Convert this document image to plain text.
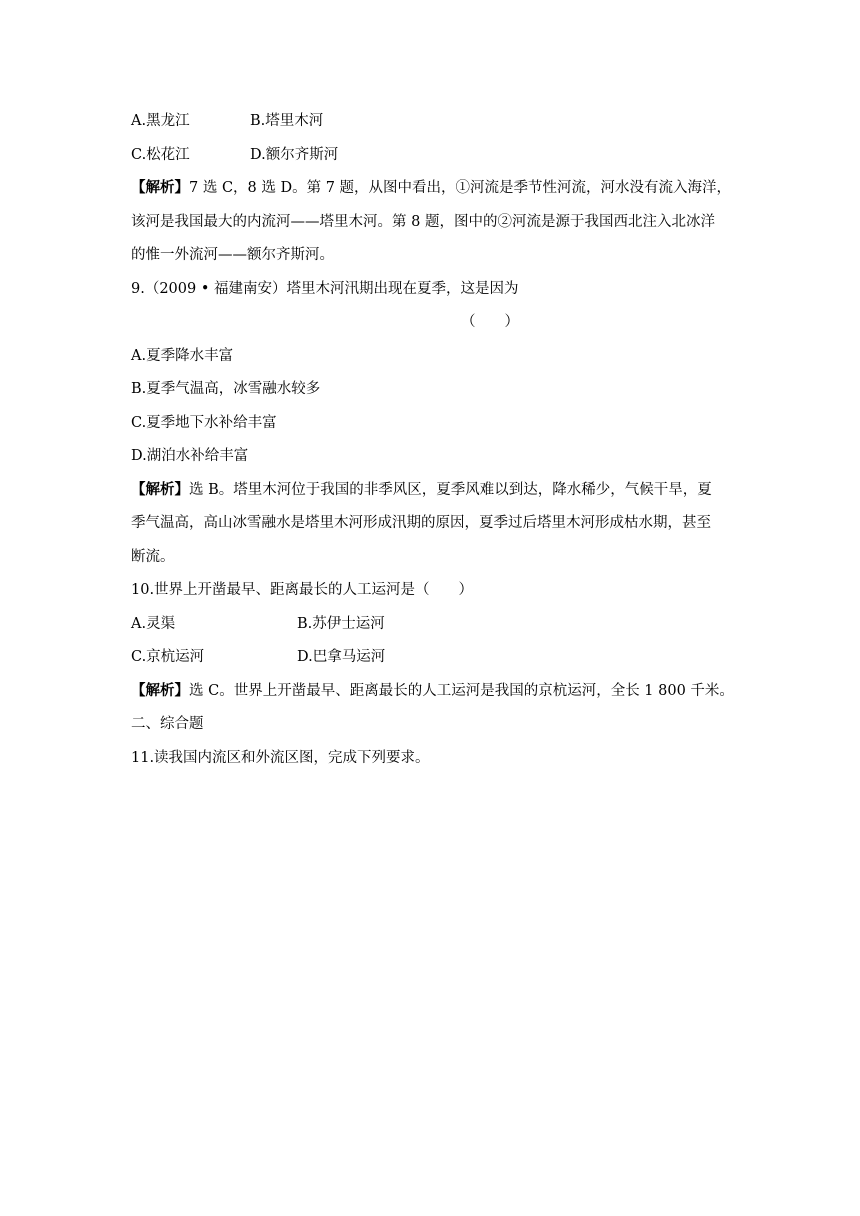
A.黑龙江	B.塔里木河
C.松花江	D.额尔齐斯河
【解析】7 选 C，8 选 D。第 7 题，从图中看出，①河流是季节性河流，河水没有流入海洋，
该河是我国最大的内流河——塔里木河。第 8 题，图中的②河流是源于我国西北注入北冰洋
的惟一外流河——额尔齐斯河。
9.（2009 • 福建南安）塔里木河汛期出现在夏季，这是因为
（　　）
A.夏季降水丰富
B.夏季气温高，冰雪融水较多
C.夏季地下水补给丰富
D.湖泊水补给丰富
【解析】选 B。塔里木河位于我国的非季风区，夏季风难以到达，降水稀少，气候干旱，夏
季气温高，高山冰雪融水是塔里木河形成汛期的原因，夏季过后塔里木河形成枯水期，甚至
断流。
10.世界上开凿最早、距离最长的人工运河是（　　）
A.灵渠	B.苏伊士运河
C.京杭运河	D.巴拿马运河
【解析】选 C。世界上开凿最早、距离最长的人工运河是我国的京杭运河，全长 1 800 千米。
二、综合题
11.读我国内流区和外流区图，完成下列要求。
